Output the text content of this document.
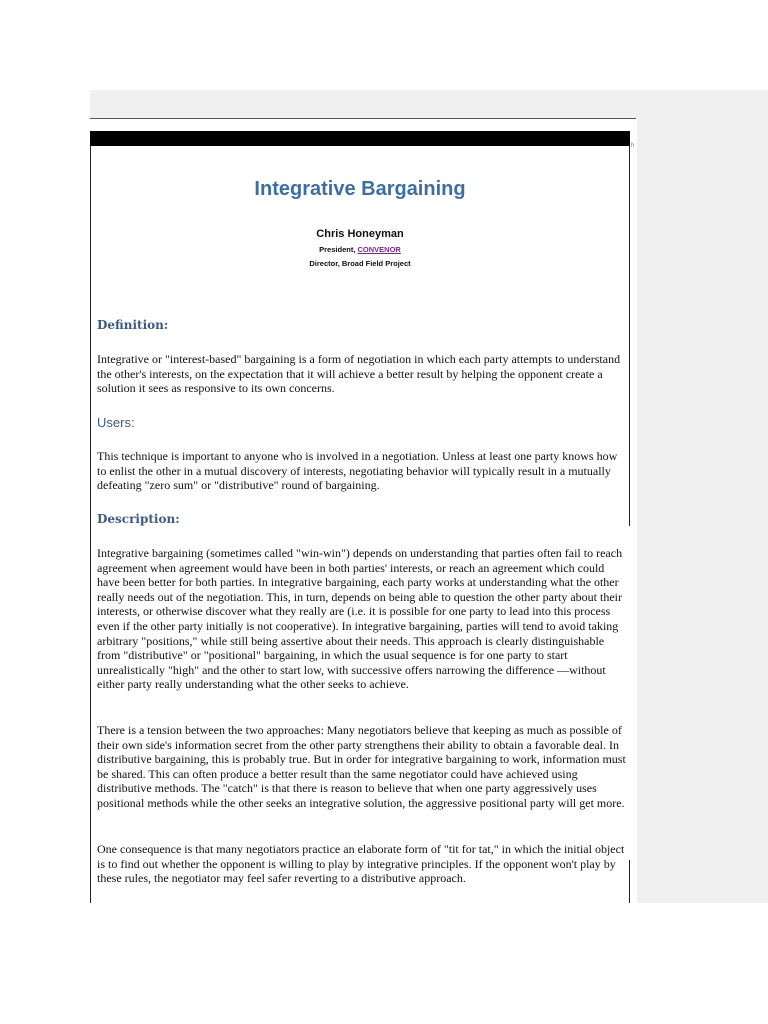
h
Integrative Bargaining
Chris Honeyman
President, CONVENOR
Director, Broad Field Project
Definition:

Integrative or "interest-based" bargaining is a form of negotiation in which each party attempts to understand the other's interests, on the expectation that it will achieve a better result by helping the opponent create a solution it sees as responsive to its own concerns.

Users:

This technique is important to anyone who is involved in a negotiation. Unless at least one party knows how to enlist the other in a mutual discovery of interests, negotiating behavior will typically result in a mutually defeating "zero sum" or "distributive" round of bargaining.

Description:

Integrative bargaining (sometimes called "win-win") depends on understanding that parties often fail to reach agreement when agreement would have been in both parties' interests, or reach an agreement which could have been better for both parties. In integrative bargaining, each party works at understanding what the other really needs out of the negotiation. This, in turn, depends on being able to question the other party about their interests, or otherwise discover what they really are (i.e. it is possible for one party to lead into this process even if the other party initially is not cooperative). In integrative bargaining, parties will tend to avoid taking arbitrary "positions," while still being assertive about their needs. This approach is clearly distinguishable from "distributive" or "positional" bargaining, in which the usual sequence is for one party to start unrealistically "high" and the other to start low, with successive offers narrowing the difference —without either party really understanding what the other seeks to achieve.

There is a tension between the two approaches: Many negotiators believe that keeping as much as possible of their own side's information secret from the other party strengthens their ability to obtain a favorable deal. In distributive bargaining, this is probably true. But in order for integrative bargaining to work, information must be shared. This can often produce a better result than the same negotiator could have achieved using distributive methods. The "catch" is that there is reason to believe that when one party aggressively uses positional methods while the other seeks an integrative solution, the aggressive positional party will get more.

One consequence is that many negotiators practice an elaborate form of "tit for tat," in which the initial object is to find out whether the opponent is willing to play by integrative principles. If the opponent won't play by these rules, the negotiator may feel safer reverting to a distributive approach.
